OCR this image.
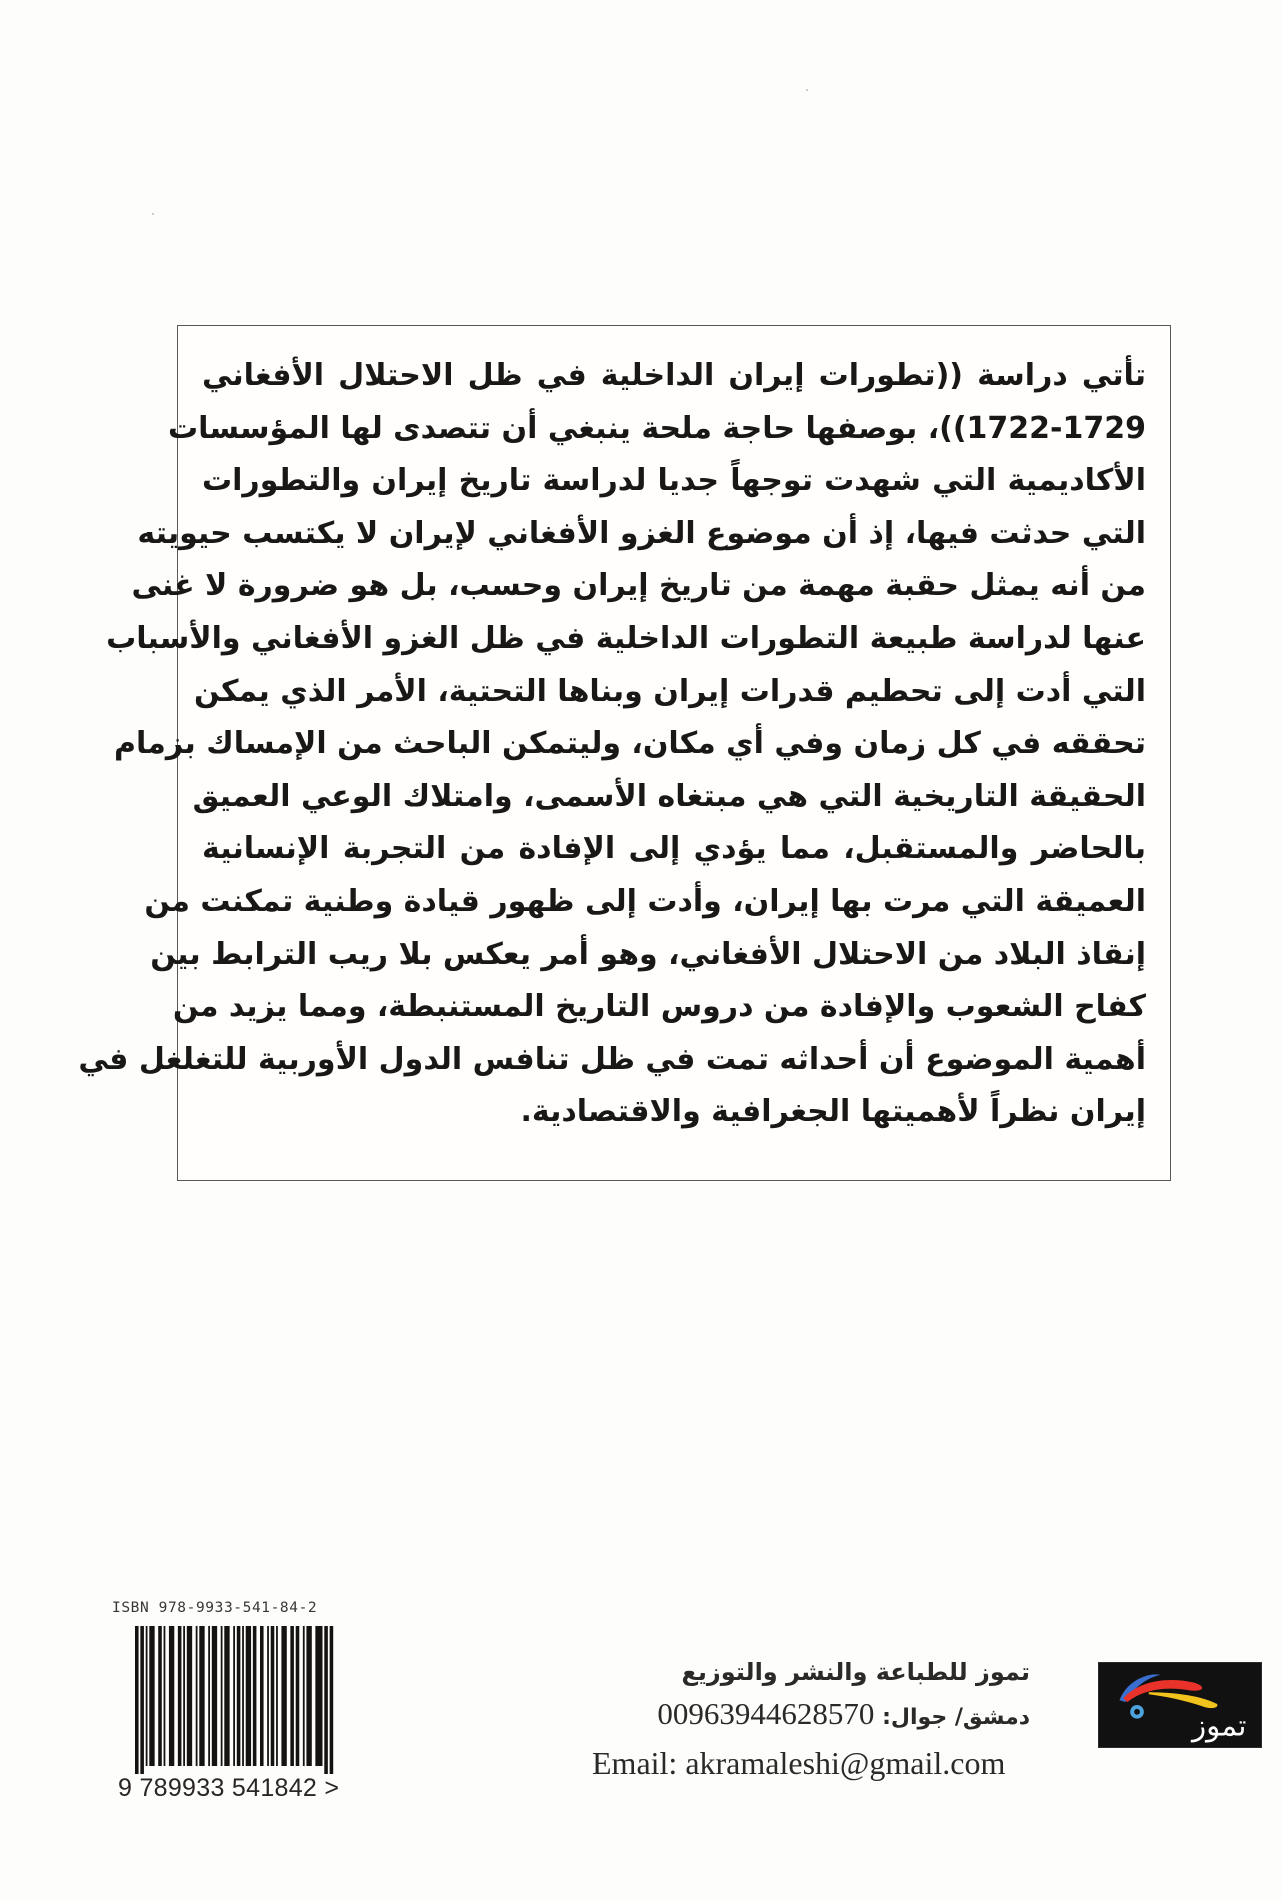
تأتي دراسة ((تطورات إيران الداخلية في ظل الاحتلال الأفغاني
1722-1729))، بوصفها حاجة ملحة ينبغي أن تتصدى لها المؤسسات
الأكاديمية التي شهدت توجهاً جديا لدراسة تاريخ إيران والتطورات
التي حدثت فيها، إذ أن موضوع الغزو الأفغاني لإيران لا يكتسب حيويته
من أنه يمثل حقبة مهمة من تاريخ إيران وحسب، بل هو ضرورة لا غنى
عنها لدراسة طبيعة التطورات الداخلية في ظل الغزو الأفغاني والأسباب
التي أدت إلى تحطيم قدرات إيران وبناها التحتية، الأمر الذي يمكن
تحققه في كل زمان وفي أي مكان، وليتمكن الباحث من الإمساك بزمام
الحقيقة التاريخية التي هي مبتغاه الأسمى، وامتلاك الوعي العميق
بالحاضر والمستقبل، مما يؤدي إلى الإفادة من التجربة الإنسانية
العميقة التي مرت بها إيران، وأدت إلى ظهور قيادة وطنية تمكنت من
إنقاذ البلاد من الاحتلال الأفغاني، وهو أمر يعكس بلا ريب الترابط بين
كفاح الشعوب والإفادة من دروس التاريخ المستنبطة، ومما يزيد من
أهمية الموضوع أن أحداثه تمت في ظل تنافس الدول الأوربية للتغلغل في
إيران نظراً لأهميتها الجغرافية والاقتصادية.

ISBN 978-9933-541-84-2
9 789933 541842 >
تموز للطباعة والنشر والتوزيع
دمشق/ جوال: 00963944628570
Email: akramaleshi@gmail.com
تموز
